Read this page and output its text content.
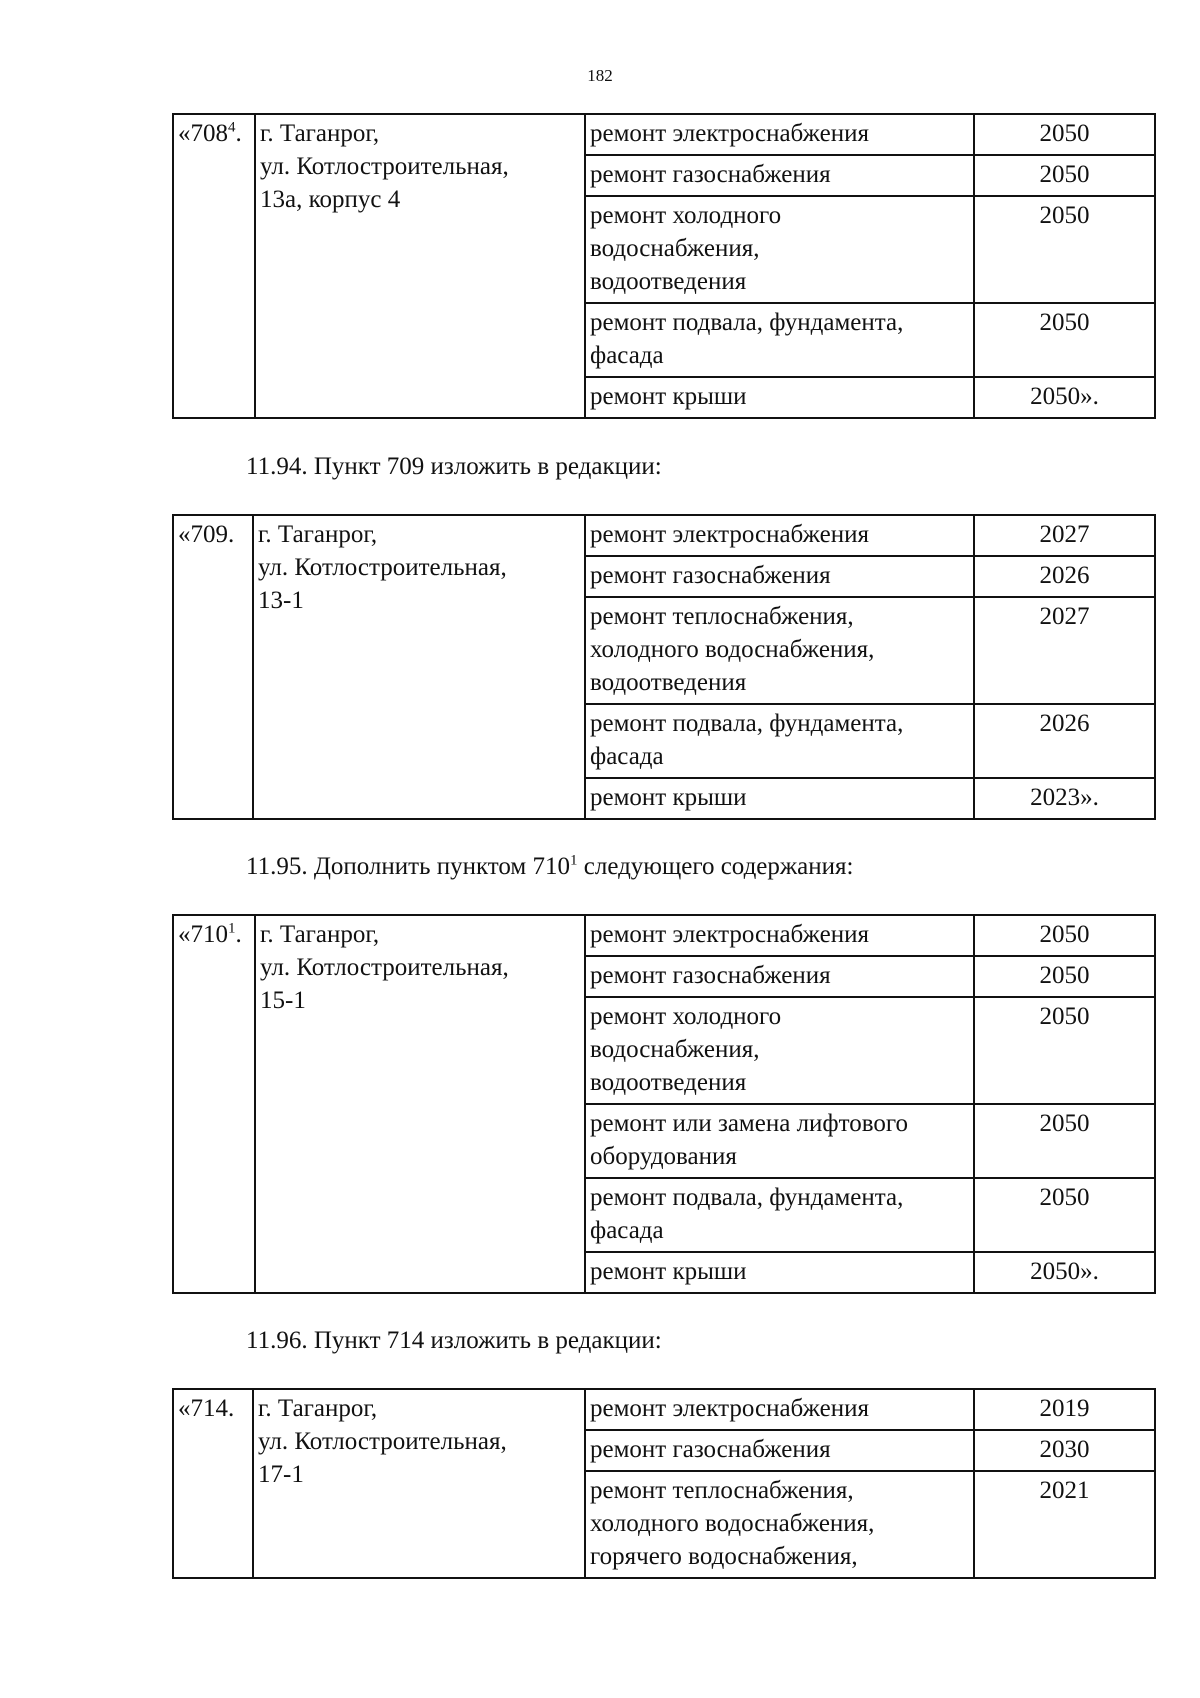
182
«$708^4$.	г. Таганрог,
ул. Котлостроительная,
13а, корпус 4	ремонт электроснабжения	2050
		ремонт газоснабжения	2050
		ремонт холодного
водоснабжения,
водоотведения	2050
		ремонт подвала, фундамента,
фасада	2050
		ремонт крыши	2050».
11.94. Пункт 709 изложить в редакции:
«709.	г. Таганрог,
ул. Котлостроительная,
13-1	ремонт электроснабжения	2027
		ремонт газоснабжения	2026
		ремонт теплоснабжения,
холодного водоснабжения,
водоотведения	2027
		ремонт подвала, фундамента,
фасада	2026
		ремонт крыши	2023».
11.95. Дополнить пунктом $710^1$ следующего содержания:
«$710^1$.	г. Таганрог,
ул. Котлостроительная,
15-1	ремонт электроснабжения	2050
		ремонт газоснабжения	2050
		ремонт холодного
водоснабжения,
водоотведения	2050
		ремонт или замена лифтового
оборудования	2050
		ремонт подвала, фундамента,
фасада	2050
		ремонт крыши	2050».
11.96. Пункт 714 изложить в редакции:
«714.	г. Таганрог,
ул. Котлостроительная,
17-1	ремонт электроснабжения	2019
		ремонт газоснабжения	2030
		ремонт теплоснабжения,
холодного водоснабжения,
горячего водоснабжения,	2021
